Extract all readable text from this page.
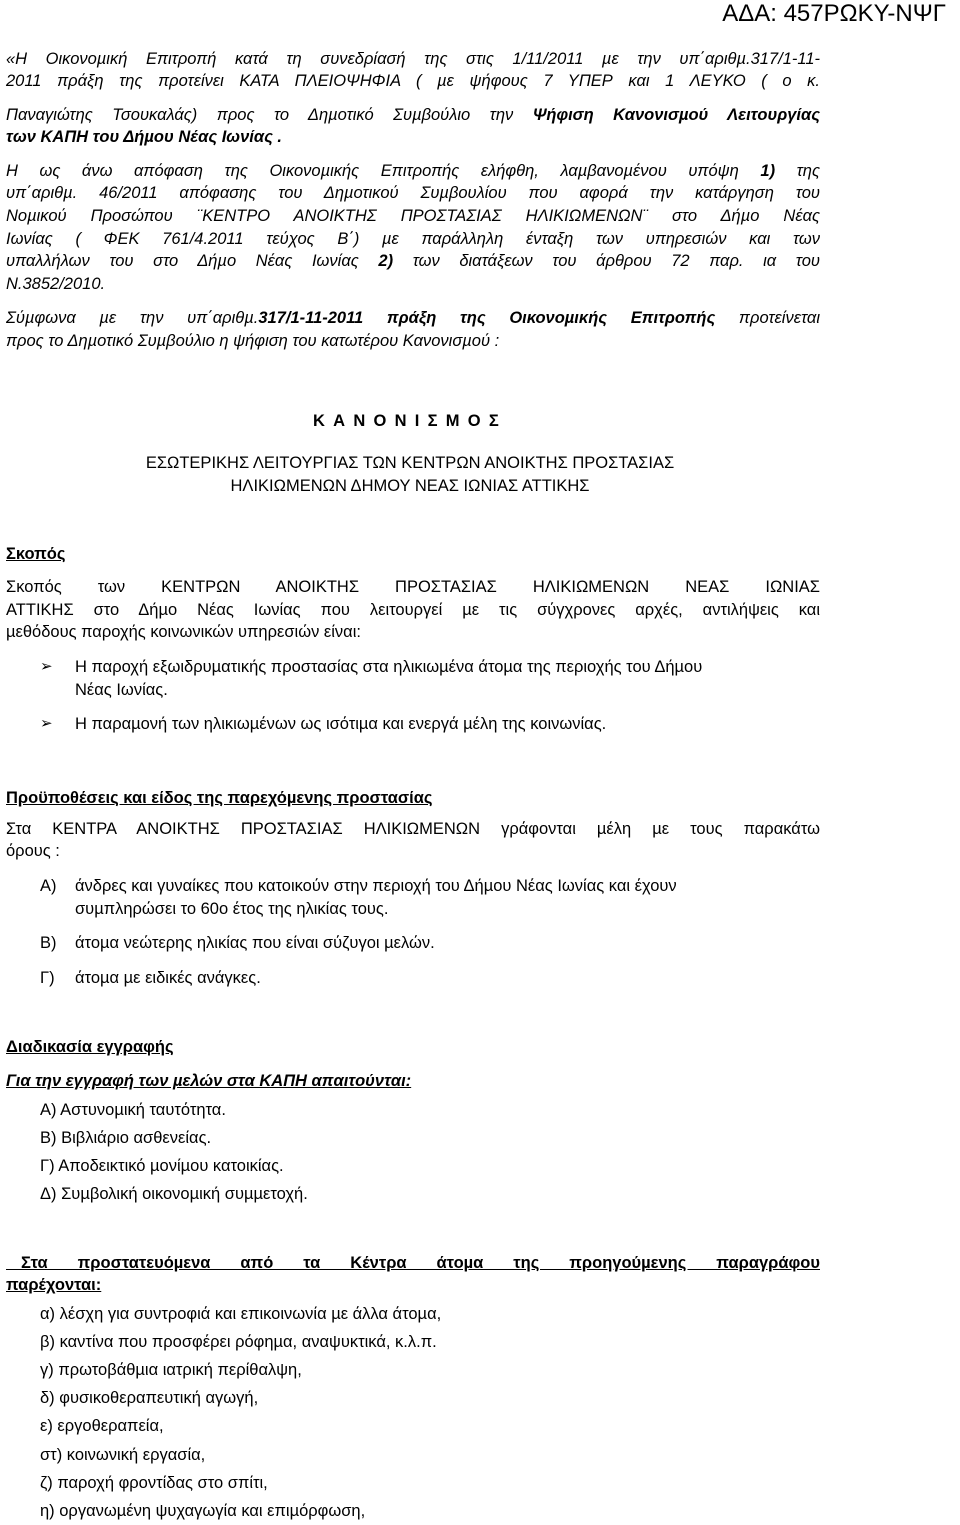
ΑΔΑ: 457ΡΩΚΥ-ΝΨΓ
«Η Οικονοµική Επιτροπή κατά τη συνεδρίασή της στις 1/11/2011 µε την υπ΄αριθµ.317/1-11-
2011 πράξη της προτείνει ΚΑΤΑ ΠΛΕΙΟΨΗΦΙΑ ( µε ψήφους 7 ΥΠΕΡ και 1 ΛΕΥΚΟ ( ο κ.
Παναγιώτης Τσουκαλάς) προς το Δηµοτικό Συµβούλιο την Ψήφιση Κανονισµού Λειτουργίας
των ΚΑΠΗ του Δήµου Νέας Ιωνίας .
Η ως άνω απόφαση της Οικονοµικής Επιτροπής ελήφθη, λαµβανοµένου υπόψη 1) της
υπ΄αριθµ. 46/2011 απόφασης του Δηµοτικού Συµβουλίου που αφορά την κατάργηση του
Νοµικού Προσώπου ¨ΚΕΝΤΡΟ ΑΝΟΙΚΤΗΣ ΠΡΟΣΤΑΣΙΑΣ ΗΛΙΚΙΩΜΕΝΩΝ¨ στο Δήµο Νέας
Ιωνίας ( ΦΕΚ 761/4.2011 τεύχος Β΄) µε παράλληλη ένταξη των υπηρεσιών και των
υπαλλήλων του στο Δήµο Νέας Ιωνίας 2) των διατάξεων του άρθρου 72 παρ. ια του
Ν.3852/2010.
Σύµφωνα µε την υπ΄αριθµ.317/1-11-2011 πράξη της Οικονοµικής Επιτροπής προτείνεται
προς το Δηµοτικό Συµβούλιο η ψήφιση του κατωτέρου Κανονισµού :
ΚΑΝΟΝΙΣΜΟΣ
ΕΣΩΤΕΡΙΚΗΣ ΛΕΙΤΟΥΡΓΙΑΣ ΤΩΝ ΚΕΝΤΡΩΝ ΑΝΟΙΚΤΗΣ ΠΡΟΣΤΑΣΙΑΣ
ΗΛΙΚΙΩΜΕΝΩΝ ΔΗΜΟΥ ΝΕΑΣ ΙΩΝΙΑΣ ΑΤΤΙΚΗΣ
Σκοπός
Σκοπός των ΚΕΝΤΡΩΝ ΑΝΟΙΚΤΗΣ ΠΡΟΣΤΑΣΙΑΣ ΗΛΙΚΙΩΜΕΝΩΝ ΝΕΑΣ ΙΩΝΙΑΣ
ΑΤΤΙΚΗΣ στο Δήµο Νέας Ιωνίας που λειτουργεί µε τις σύγχρονες αρχές, αντιλήψεις και
µεθόδους παροχής κοινωνικών υπηρεσιών είναι:
➢ Η παροχή εξωιδρυµατικής προστασίας στα ηλικιωµένα άτοµα της περιοχής του Δήµου
Νέας Ιωνίας.
➢ Η παραµονή των ηλικιωµένων ως ισότιµα και ενεργά µέλη της κοινωνίας.
Προϋποθέσεις και είδος της παρεχόµενης προστασίας
Στα ΚΕΝΤΡΑ ΑΝΟΙΚΤΗΣ ΠΡΟΣΤΑΣΙΑΣ ΗΛΙΚΙΩΜΕΝΩΝ γράφονται µέλη µε τους παρακάτω
όρους :
Α) άνδρες και γυναίκες που κατοικούν στην περιοχή του Δήµου Νέας Ιωνίας και έχουν
συµπληρώσει το 60ο έτος της ηλικίας τους.
Β) άτοµα νεώτερης ηλικίας που είναι σύζυγοι µελών.
Γ) άτοµα µε ειδικές ανάγκες.
Διαδικασία εγγραφής
Για την εγγραφή των µελών στα ΚΑΠΗ απαιτούνται:
Α) Αστυνοµική ταυτότητα.
Β) Βιβλιάριο ασθενείας.
Γ) Αποδεικτικό µονίµου κατοικίας.
Δ) Συµβολική οικονοµική συµµετοχή.
Στα  προστατευόµενα  από  τα  Κέντρα  άτοµα  της  προηγούµενης  παραγράφου
παρέχονται:
α) λέσχη για συντροφιά και επικοινωνία µε άλλα άτοµα,
β) καντίνα που προσφέρει ρόφηµα, αναψυκτικά, κ.λ.π.
γ) πρωτοβάθµια ιατρική περίθαλψη,
δ) φυσικοθεραπευτική αγωγή,
ε) εργοθεραπεία,
στ) κοινωνική εργασία,
ζ) παροχή φροντίδας στο σπίτι,
η) οργανωµένη ψυχαγωγία και επιµόρφωση,
